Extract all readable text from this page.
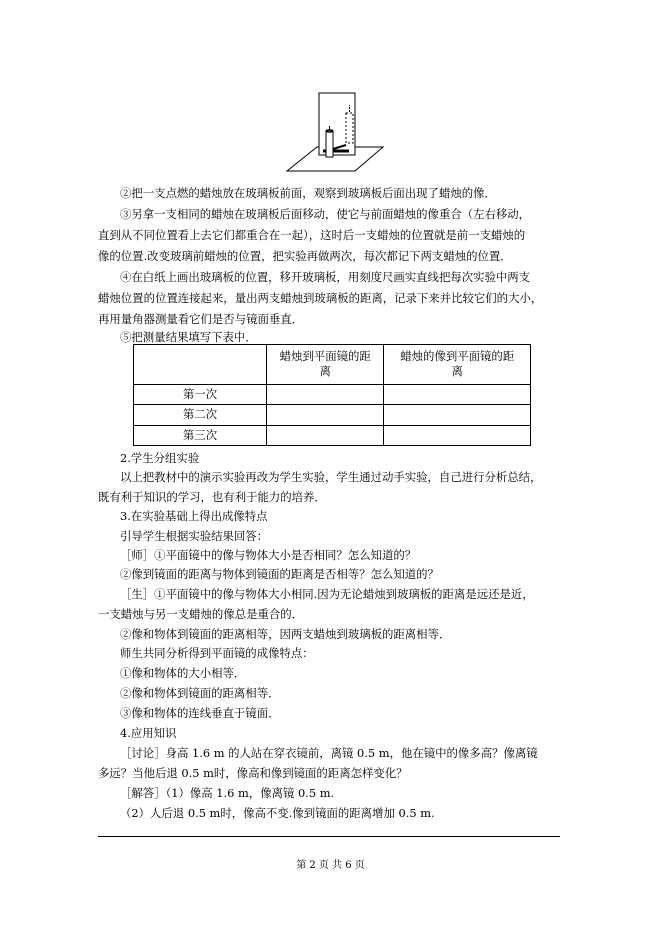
②把一支点燃的蜡烛放在玻璃板前面，观察到玻璃板后面出现了蜡烛的像．
③另拿一支相同的蜡烛在玻璃板后面移动，使它与前面蜡烛的像重合（左右移动，
直到从不同位置看上去它们都重合在一起），这时后一支蜡烛的位置就是前一支蜡烛的
像的位置.改变玻璃前蜡烛的位置，把实验再做两次，每次都记下两支蜡烛的位置．
④在白纸上画出玻璃板的位置，移开玻璃板，用刻度尺画实直线把每次实验中两支
蜡烛位置的位置连接起来，量出两支蜡烛到玻璃板的距离，记录下来并比较它们的大小，
再用量角器测量看它们是否与镜面垂直．
⑤把测量结果填写下表中．
	蜡烛到平面镜的距
离	蜡烛的像到平面镜的距
离
第一次		
第二次		
第三次		
2.学生分组实验
以上把教材中的演示实验再改为学生实验，学生通过动手实验，自己进行分析总结，
既有利于知识的学习，也有利于能力的培养．
3.在实验基础上得出成像特点
引导学生根据实验结果回答：
［师］①平面镜中的像与物体大小是否相同？怎么知道的？
②像到镜面的距离与物体到镜面的距离是否相等？怎么知道的？
［生］①平面镜中的像与物体大小相同.因为无论蜡烛到玻璃板的距离是远还是近，
一支蜡烛与另一支蜡烛的像总是重合的．
②像和物体到镜面的距离相等，因两支蜡烛到玻璃板的距离相等．
师生共同分析得到平面镜的成像特点：
①像和物体的大小相等．
②像和物体到镜面的距离相等．
③像和物体的连线垂直于镜面．
4.应用知识
［讨论］身高 1.6 m 的人站在穿衣镜前，离镜 0.5 m，他在镜中的像多高？像离镜
多远？当他后退 0.5 m时，像高和像到镜面的距离怎样变化？
［解答］（1）像高 1.6 m，像离镜 0.5 m.
（2）人后退 0.5 m时，像高不变.像到镜面的距离增加 0.5 m.
第 2 页 共 6 页
